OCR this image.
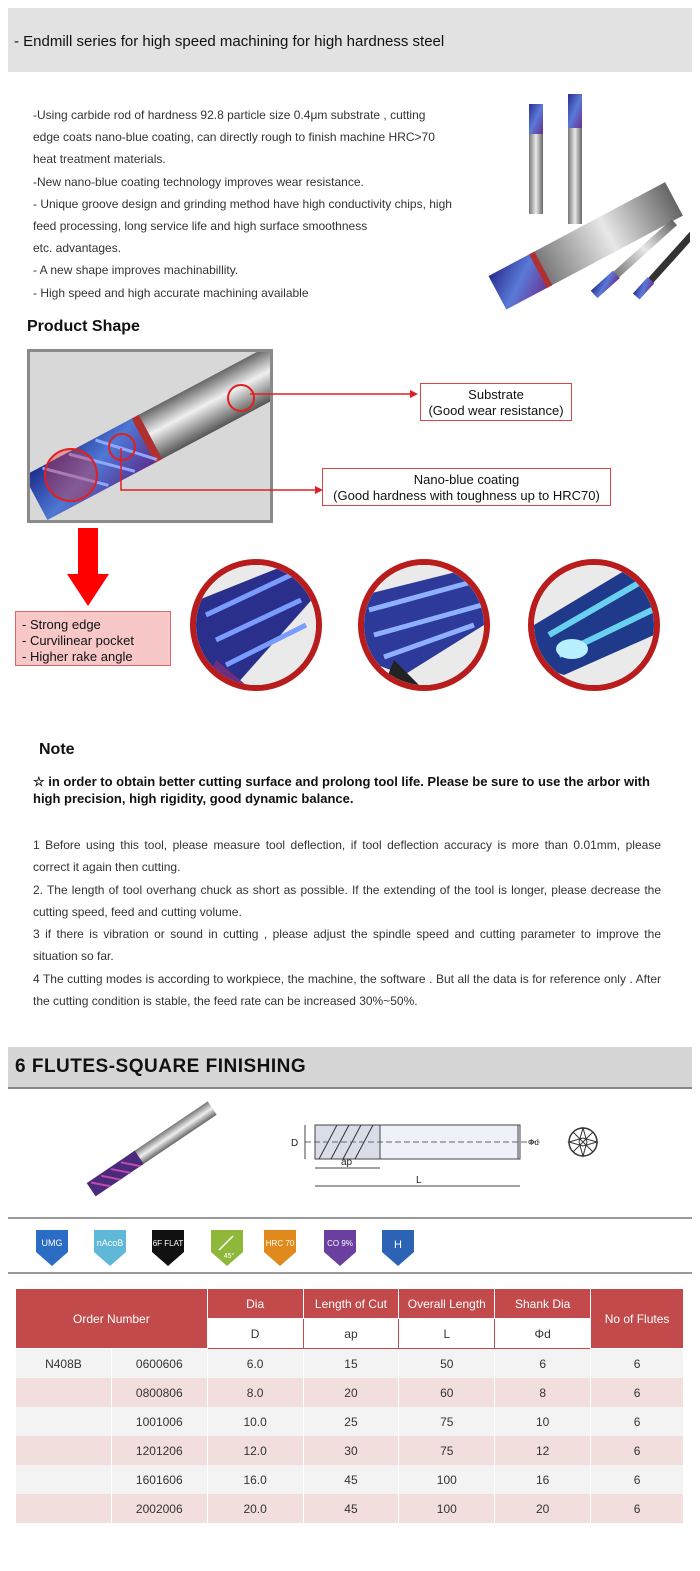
- Endmill series for high speed machining for high hardness steel
-Using carbide rod of hardness 92.8 particle size 0.4μm substrate , cutting
edge coats nano-blue coating, can directly rough to finish machine HRC>70
heat treatment materials.
-New nano-blue coating technology improves wear resistance.
- Unique groove design and grinding method have high conductivity chips, high
feed processing, long service life and high surface smoothness
etc. advantages.
- A new shape improves machinabillity.
- High speed and high accurate machining available
Product Shape
Substrate
(Good wear resistance)
Nano-blue coating
(Good hardness with toughness up to HRC70)
- Strong edge
- Curvilinear pocket
- Higher rake angle
Note
☆ in order to obtain better cutting surface and prolong tool life. Please be sure to use the arbor with high precision, high rigidity, good dynamic balance.
1 Before using this tool, please measure tool deflection, if tool deflection accuracy is more than 0.01mm, please correct it again then cutting.
2. The length of tool overhang chuck as short as possible. If the extending of the tool is longer, please decrease the cutting speed, feed and cutting volume.
3 if there is vibration or sound in cutting , please adjust the spindle speed and cutting parameter to improve the situation so far.
4 The cutting modes is according to workpiece, the machine, the software . But all the data is for reference only . After the cutting condition is stable, the feed rate can be increased 30%~50%.
6 FLUTES-SQUARE FINISHING
D
ap
L
Φd
UMG	nAcoB	6F FLAT
45°
HRC 70	CO 9%	H
Order Number		Dia	Length of Cut	Overall Length	Shank Dia	No of Flutes
		D	ap	L	Φd	
N408B	0600606	6.0	15	50	6	6
	0800806	8.0	20	60	8	6
	1001006	10.0	25	75	10	6
	1201206	12.0	30	75	12	6
	1601606	16.0	45	100	16	6
	2002006	20.0	45	100	20	6
